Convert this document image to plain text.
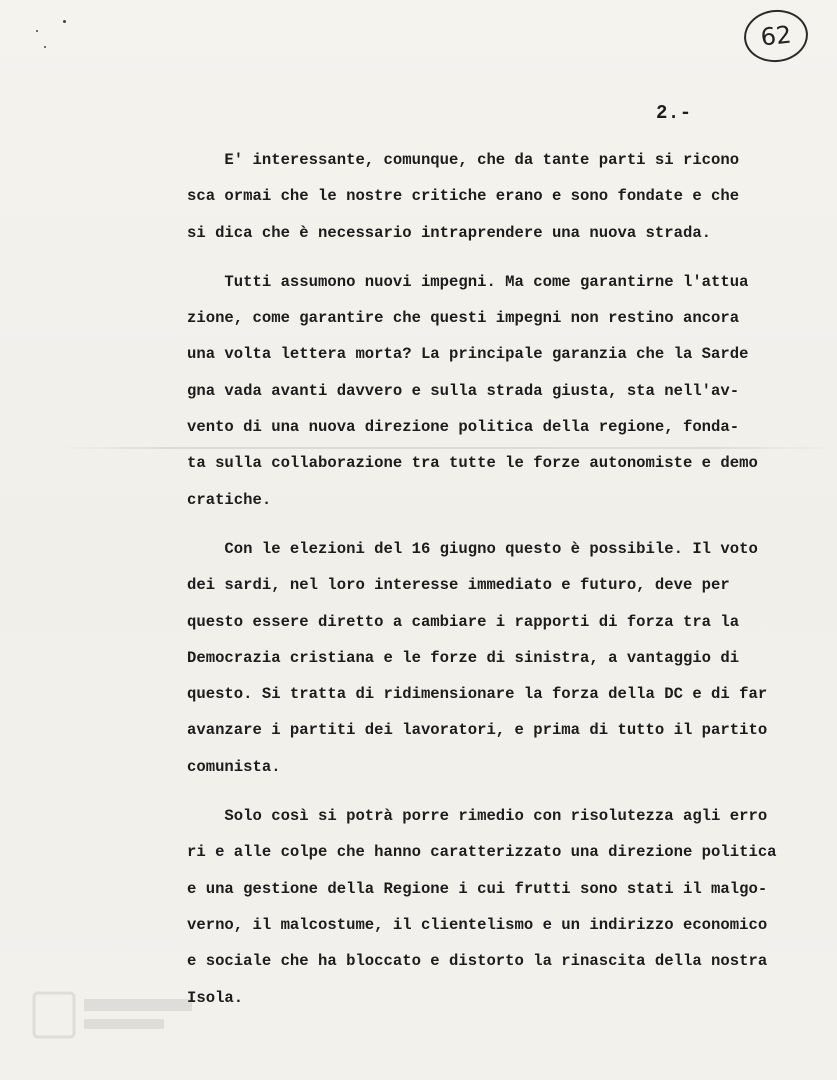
62
2.-
E' interessante, comunque, che da tante parti si ricono
sca ormai che le nostre critiche erano e sono fondate e che
si dica che è necessario intraprendere una nuova strada.
Tutti assumono nuovi impegni. Ma come garantirne l'attua
zione, come garantire che questi impegni non restino ancora
una volta lettera morta? La principale garanzia che la Sarde
gna vada avanti davvero e sulla strada giusta, sta nell'av-
vento di una nuova direzione politica della regione, fonda-
ta sulla collaborazione tra tutte le forze autonomiste e demo
cratiche.
Con le elezioni del 16 giugno questo è possibile. Il voto
dei sardi, nel loro interesse immediato e futuro, deve per
questo essere diretto a cambiare i rapporti di forza tra la
Democrazia cristiana e le forze di sinistra, a vantaggio di
questo. Si tratta di ridimensionare la forza della DC e di far
avanzare i partiti dei lavoratori, e prima di tutto il partito
comunista.
Solo così si potrà porre rimedio con risolutezza agli erro
ri e alle colpe che hanno caratterizzato una direzione politica
e una gestione della Regione i cui frutti sono stati il malgo-
verno, il malcostume, il clientelismo e un indirizzo economico
e sociale che ha bloccato e distorto la rinascita della nostra
Isola.
